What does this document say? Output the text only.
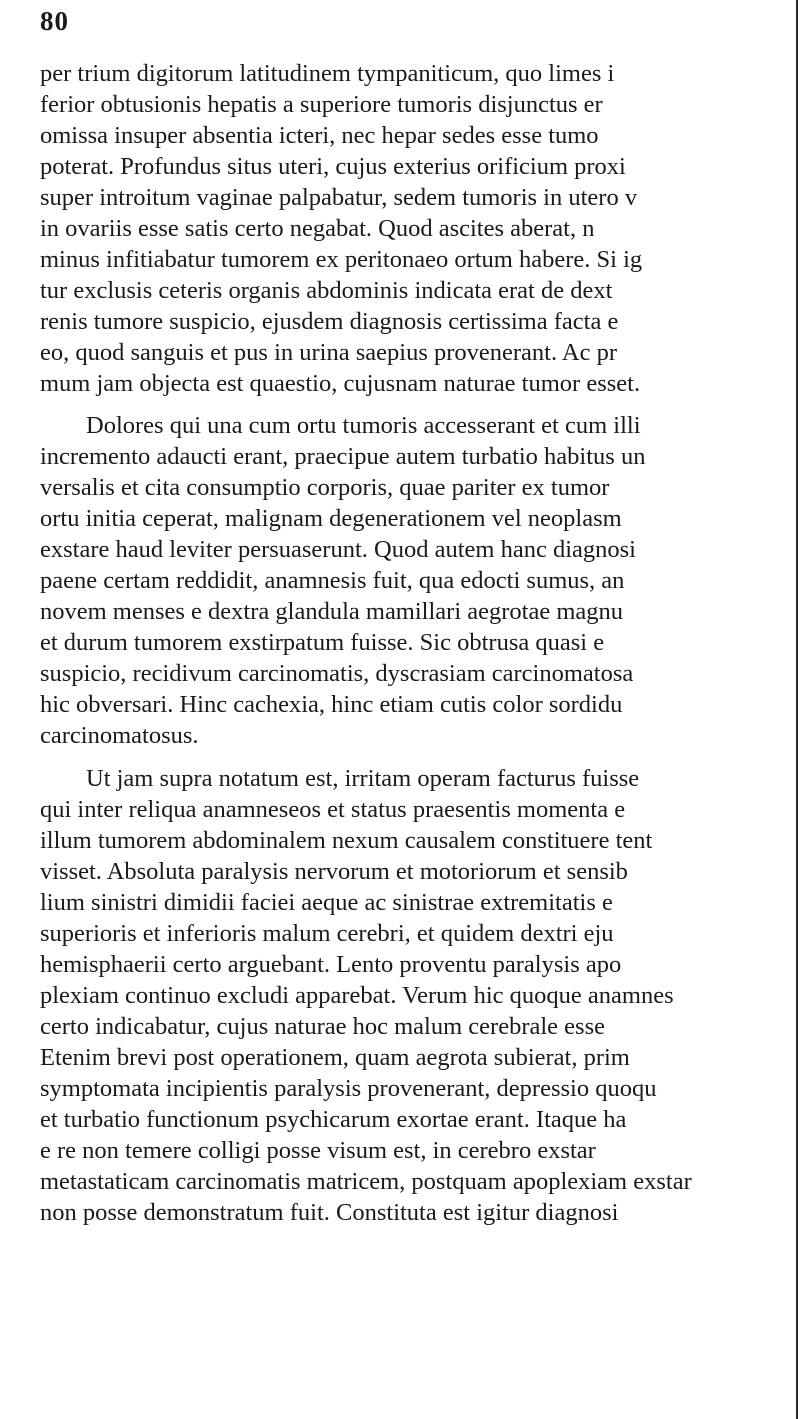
80
per trium digitorum latitudinem tympaniticum, quo limes i
ferior obtusionis hepatis a superiore tumoris disjunctus er
omissa insuper absentia icteri, nec hepar sedes esse tumo
poterat. Profundus situs uteri, cujus exterius orificium proxi
super introitum vaginae palpabatur, sedem tumoris in utero v
in ovariis esse satis certo negabat. Quod ascites aberat, n
minus infitiabatur tumorem ex peritonaeo ortum habere. Si ig
tur exclusis ceteris organis abdominis indicata erat de dext
renis tumore suspicio, ejusdem diagnosis certissima facta e
eo, quod sanguis et pus in urina saepius provenerant. Ac pr
mum jam objecta est quaestio, cujusnam naturae tumor esset.
Dolores qui una cum ortu tumoris accesserant et cum illi
incremento adaucti erant, praecipue autem turbatio habitus un
versalis et cita consumptio corporis, quae pariter ex tumor
ortu initia ceperat, malignam degenerationem vel neoplasm
exstare haud leviter persuaserunt. Quod autem hanc diagnosi
paene certam reddidit, anamnesis fuit, qua edocti sumus, an
novem menses e dextra glandula mamillari aegrotae magnu
et durum tumorem exstirpatum fuisse. Sic obtrusa quasi e
suspicio, recidivum carcinomatis, dyscrasiam carcinomatosa
hic obversari. Hinc cachexia, hinc etiam cutis color sordidu
carcinomatosus.
Ut jam supra notatum est, irritam operam facturus fuisse
qui inter reliqua anamneseos et status praesentis momenta e
illum tumorem abdominalem nexum causalem constituere tent
visset. Absoluta paralysis nervorum et motoriorum et sensib
lium sinistri dimidii faciei aeque ac sinistrae extremitatis e
superioris et inferioris malum cerebri, et quidem dextri eju
hemisphaerii certo arguebant. Lento proventu paralysis apo
plexiam continuo excludi apparebat. Verum hic quoque anamnes
certo indicabatur, cujus naturae hoc malum cerebrale esse
Etenim brevi post operationem, quam aegrota subierat, prim
symptomata incipientis paralysis provenerant, depressio quoqu
et turbatio functionum psychicarum exortae erant. Itaque ha
e re non temere colligi posse visum est, in cerebro exstar
metastaticam carcinomatis matricem, postquam apoplexiam exstar
non posse demonstratum fuit. Constituta est igitur diagnosi
